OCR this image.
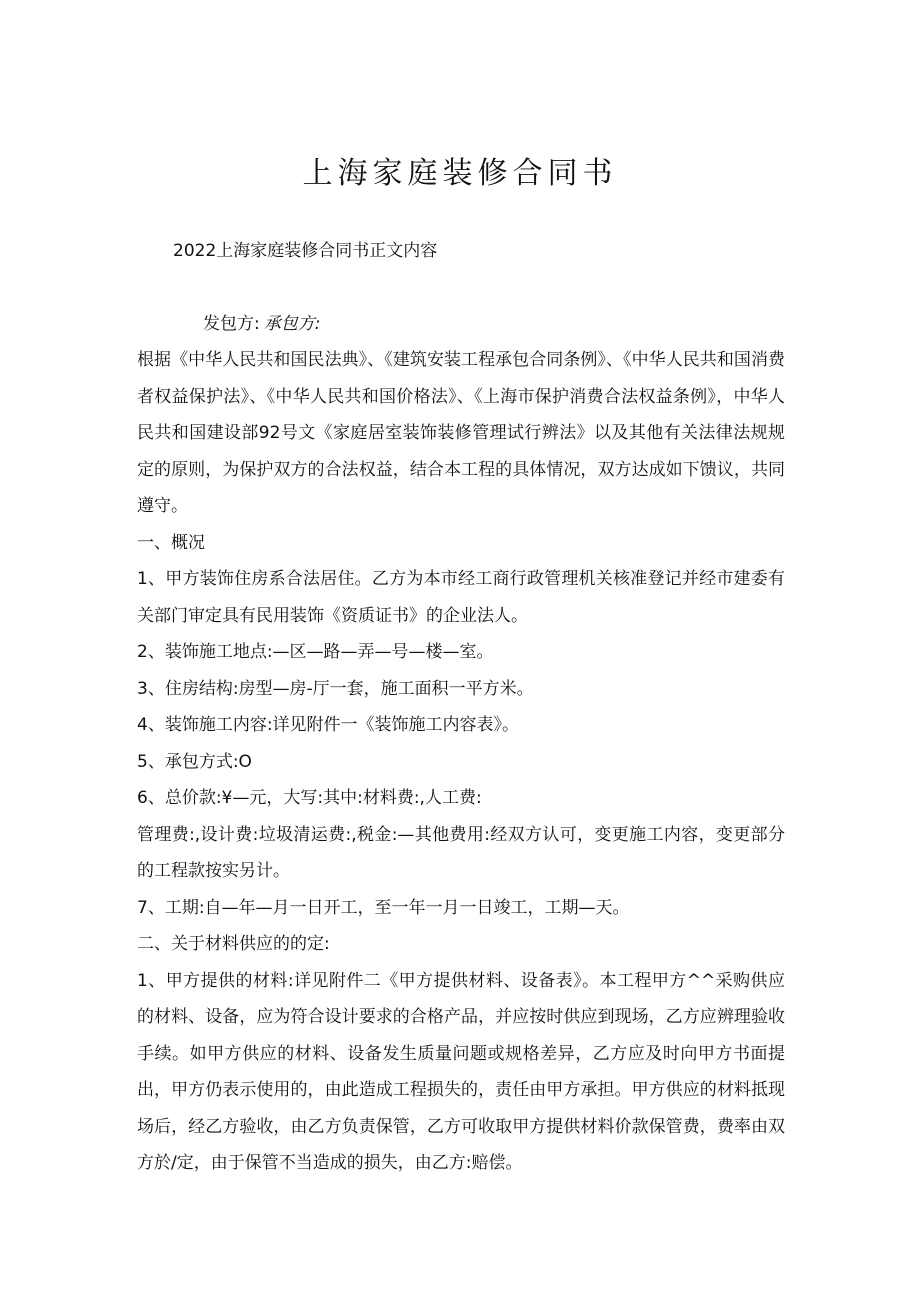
上海家庭装修合同书

2022上海家庭装修合同书正文内容

发包方: 承包方:

根据《中华人民共和国民法典》、《建筑安装工程承包合同条例》、《中华人民共和国消费者权益保护法》、《中华人民共和国价格法》、《上海市保护消费合法权益条例》，中华人民共和国建设部92号文《家庭居室装饰装修管理试行辨法》以及其他有关法律法规规定的原则，为保护双方的合法权益，结合本工程的具体情况，双方达成如下馈议，共同遵守。

一、概况

1、甲方装饰住房系合法居住。乙方为本市经工商行政管理机关核准登记并经市建委有关部门审定具有民用装饰《资质证书》的企业法人。

2、装饰施工地点:—区—路—弄—号—楼—室。

3、住房结构:房型—房-厅一套，施工面积一平方米。

4、装饰施工内容:详见附件一《装饰施工内容表》。

5、承包方式:O

6、总价款:¥—元，大写:其中:材料费:,人工费:

管理费:,设计费:垃圾清运费:,税金:—其他费用:经双方认可，变更施工内容，变更部分的工程款按实另计。

7、工期:自—年—月一日开工，至一年一月一日竣工，工期—天。

二、关于材料供应的的定:

1、甲方提供的材料:详见附件二《甲方提供材料、设备表》。本工程甲方^^采购供应的材料、设备，应为符合设计要求的合格产品，并应按时供应到现场，乙方应辨理验收手续。如甲方供应的材料、设备发生质量问题或规格差异，乙方应及时向甲方书面提出，甲方仍表示使用的，由此造成工程损失的，责任由甲方承担。甲方供应的材料抵现场后，经乙方验收，由乙方负责保管，乙方可收取甲方提供材料价款保管费，费率由双方於/定，由于保管不当造成的损失，由乙方:赔偿。
